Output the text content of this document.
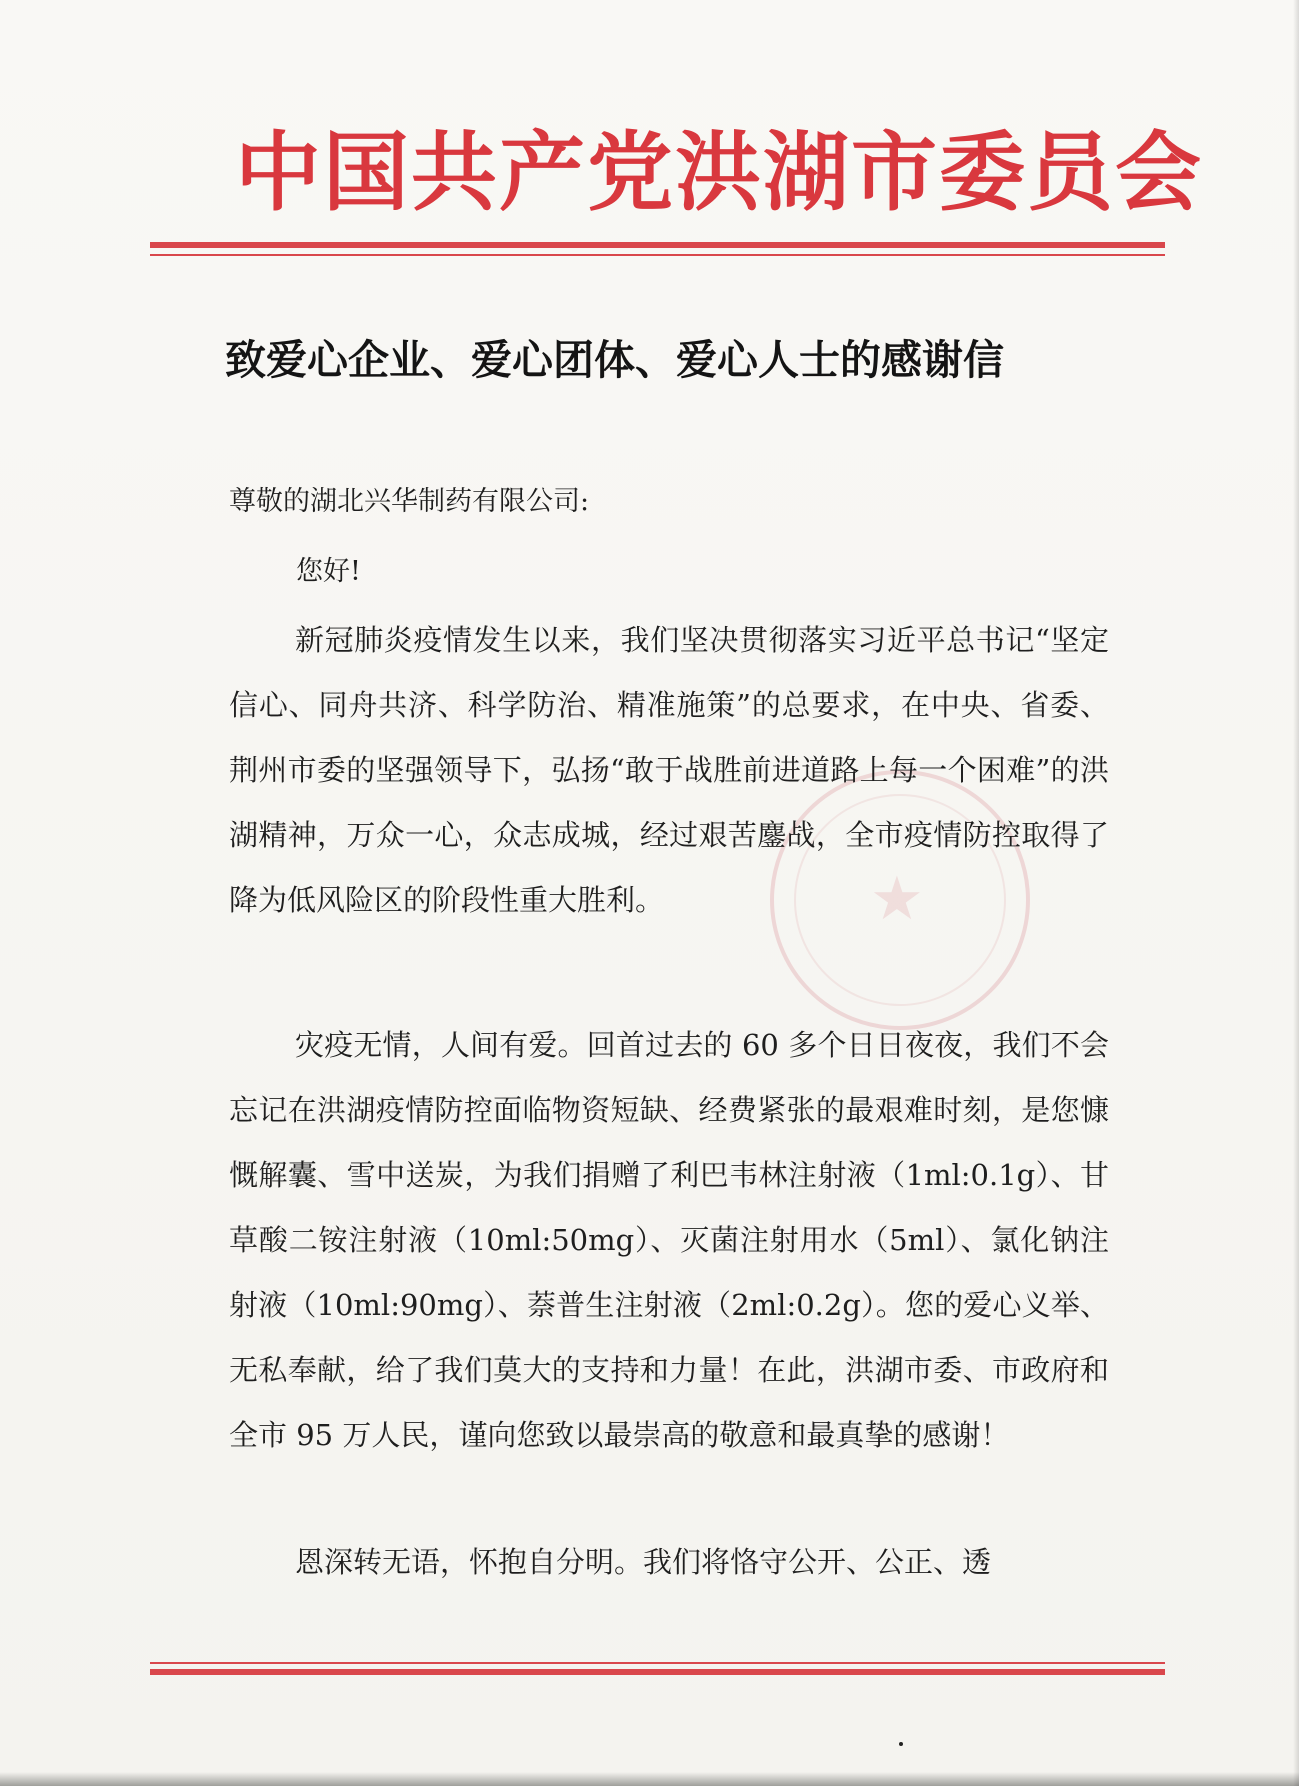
中国共产党洪湖市委员会
★
致爱心企业、爱心团体、爱心人士的感谢信
尊敬的湖北兴华制药有限公司:
您好!

新冠肺炎疫情发生以来，我们坚决贯彻落实习近平总书记“坚定信心、同舟共济、科学防治、精准施策”的总要求，在中央、省委、荆州市委的坚强领导下，弘扬“敢于战胜前进道路上每一个困难”的洪湖精神，万众一心，众志成城，经过艰苦鏖战，全市疫情防控取得了降为低风险区的阶段性重大胜利。

灾疫无情，人间有爱。回首过去的 60 多个日日夜夜，我们不会忘记在洪湖疫情防控面临物资短缺、经费紧张的最艰难时刻，是您慷慨解囊、雪中送炭，为我们捐赠了利巴韦林注射液（1ml:0.1g）、甘草酸二铵注射液（10ml:50mg）、灭菌注射用水（5ml）、氯化钠注射液（10ml:90mg）、萘普生注射液（2ml:0.2g）。您的爱心义举、无私奉献，给了我们莫大的支持和力量！在此，洪湖市委、市政府和全市 95 万人民，谨向您致以最崇高的敬意和最真挚的感谢！

恩深转无语，怀抱自分明。我们将恪守公开、公正、透
